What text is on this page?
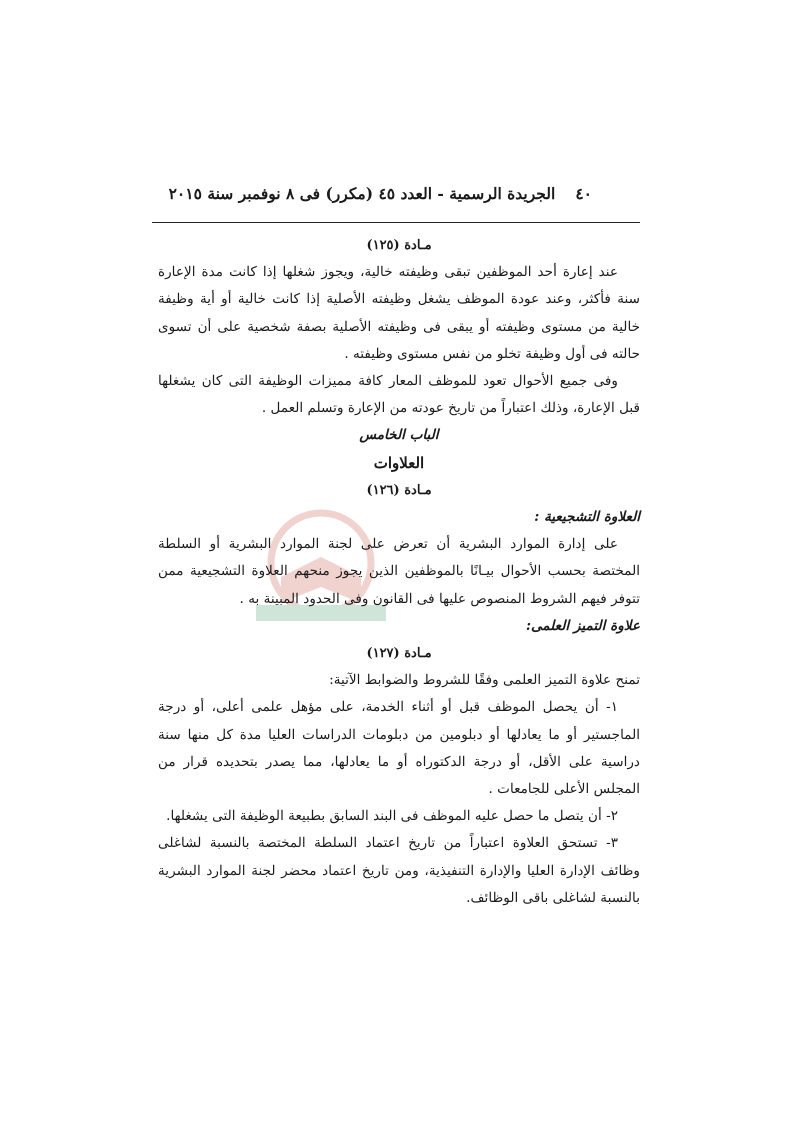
٤٠الجريدة الرسمية - العدد ٤٥ (مكرر) فى ٨ نوفمبر سنة ٢٠١٥

مـادة (١٢٥)

عند إعارة أحد الموظفين تبقى وظيفته خالية، ويجوز شغلها إذا كانت مدة الإعارة سنة فأكثر، وعند عودة الموظف يشغل وظيفته الأصلية إذا كانت خالية أو أية وظيفة خالية من مستوى وظيفته أو يبقى فى وظيفته الأصلية بصفة شخصية على أن تسوى حالته فى أول وظيفة تخلو من نفس مستوى وظيفته .

وفى جميع الأحوال تعود للموظف المعار كافة مميزات الوظيفة التى كان يشغلها قبل الإعارة، وذلك اعتباراً من تاريخ عودته من الإعارة وتسلم العمل .

الباب الخامس

العلاوات

مـادة (١٢٦)

العلاوة التشجيعية :

على إدارة الموارد البشرية أن تعرض على لجنة الموارد البشرية أو السلطة المختصة بحسب الأحوال بيـانًا بالموظفين الذين يجوز منحهم العلاوة التشجيعية ممن تتوفر فيهم الشروط المنصوص عليها فى القانون وفى الحدود المبينة به .

علاوة التميز العلمى:

مـادة (١٢٧)

تمنح علاوة التميز العلمى وفقًا للشروط والضوابط الآتية:

١- أن يحصل الموظف قبل أو أثناء الخدمة، على مؤهل علمى أعلى، أو درجة الماجستير أو ما يعادلها أو دبلومين من دبلومات الدراسات العليا مدة كل منها سنة دراسية على الأقل، أو درجة الدكتوراه أو ما يعادلها، مما يصدر بتحديده قرار من المجلس الأعلى للجامعات .

٢- أن يتصل ما حصل عليه الموظف فى البند السابق بطبيعة الوظيفة التى يشغلها.

٣- تستحق العلاوة اعتباراً من تاريخ اعتماد السلطة المختصة بالنسبة لشاغلى وظائف الإدارة العليا والإدارة التنفيذية، ومن تاريخ اعتماد محضر لجنة الموارد البشرية بالنسبة لشاغلى باقى الوظائف.
